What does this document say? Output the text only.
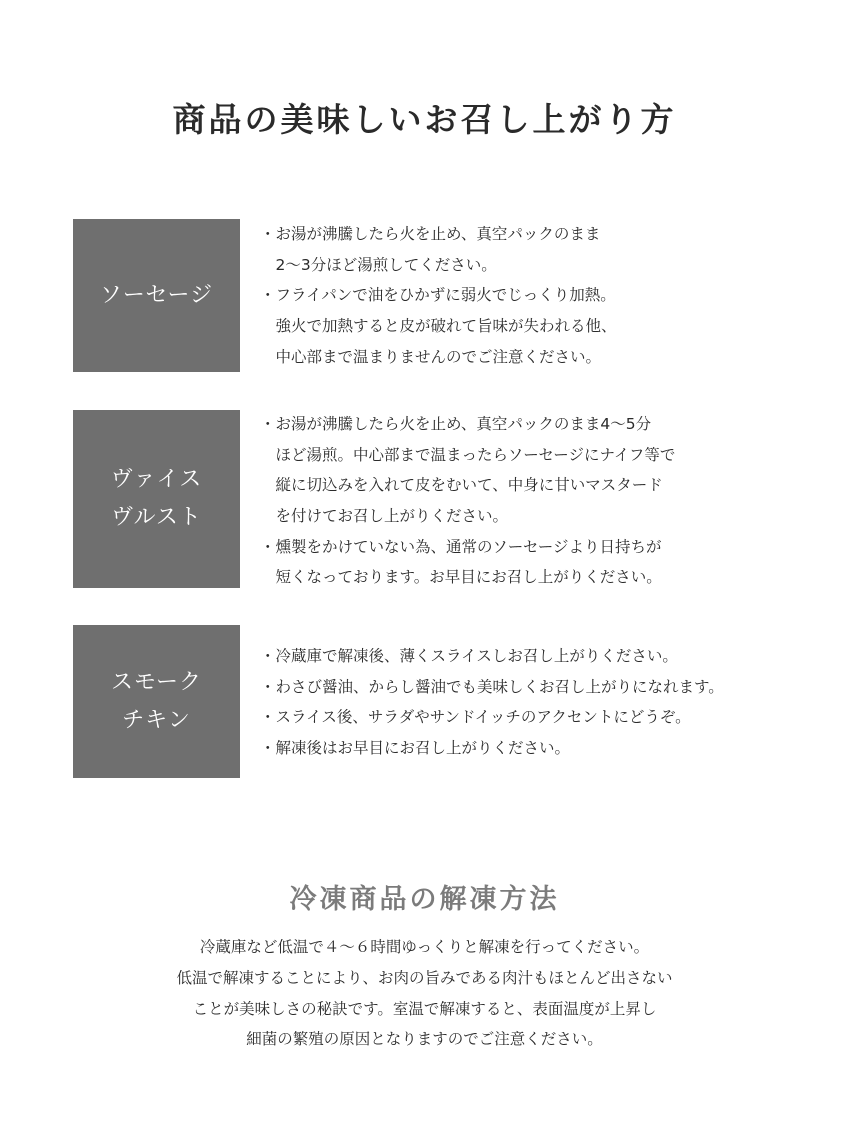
商品の美味しいお召し上がり方
ソーセージ
・お湯が沸騰したら火を止め、真空パックのまま
　2〜3分ほど湯煎してください。
・フライパンで油をひかずに弱火でじっくり加熱。
　強火で加熱すると皮が破れて旨味が失われる他、
　中心部まで温まりませんのでご注意ください。
ヴァイス
ヴルスト
・お湯が沸騰したら火を止め、真空パックのまま4〜5分
　ほど湯煎。中心部まで温まったらソーセージにナイフ等で
　縦に切込みを入れて皮をむいて、中身に甘いマスタード
　を付けてお召し上がりください。
・燻製をかけていない為、通常のソーセージより日持ちが
　短くなっております。お早目にお召し上がりください。
スモーク
チキン
・冷蔵庫で解凍後、薄くスライスしお召し上がりください。
・わさび醤油、からし醤油でも美味しくお召し上がりになれます。
・スライス後、サラダやサンドイッチのアクセントにどうぞ。
・解凍後はお早目にお召し上がりください。
冷凍商品の解凍方法
冷蔵庫など低温で４〜６時間ゆっくりと解凍を行ってください。
低温で解凍することにより、お肉の旨みである肉汁もほとんど出さない
ことが美味しさの秘訣です。室温で解凍すると、表面温度が上昇し
細菌の繁殖の原因となりますのでご注意ください。
